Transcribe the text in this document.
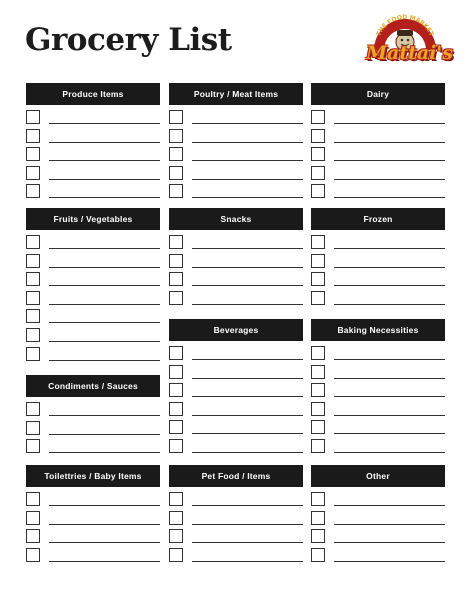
Grocery List	THE FOOD MARKET
Mattai's
Produce Items	Poultry / Meat Items	Dairy
Fruits / Vegetables	Snacks	Frozen
Beverages	Baking Necessities
Condiments / Sauces
Toilettries / Baby Items	Pet Food / Items	Other
